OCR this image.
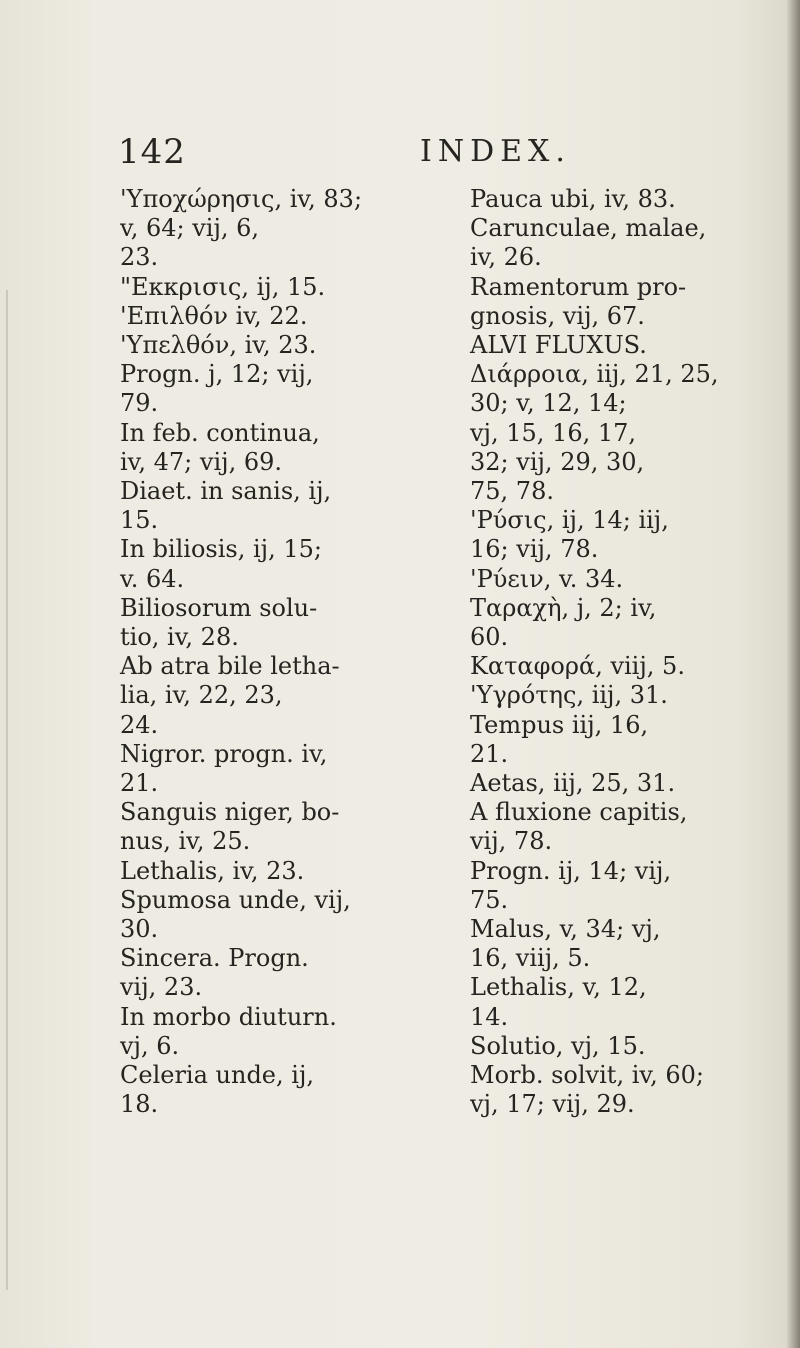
142	INDEX.
'Υποχώρησις, iv, 83;
v, 64; vij, 6,
23.
"Εκκρισις, ij, 15.
'Επιλθόν iv, 22.
'Υπελθόν, iv, 23.
Progn. j, 12; vij,
79.
In feb. continua,
iv, 47; vij, 69.
Diaet. in sanis, ij,
15.
In biliosis, ij, 15;
v. 64.
Biliosorum solu-
tio, iv, 28.
Ab atra bile letha-
lia, iv, 22, 23,
24.
Nigror. progn. iv,
21.
Sanguis niger, bo-
nus, iv, 25.
Lethalis, iv, 23.
Spumosa unde, vij,
30.
Sincera. Progn.
vij, 23.
In morbo diuturn.
vj, 6.
Celeria unde, ij,
18.
Pauca ubi, iv, 83.
Carunculae, malae,
iv, 26.
Ramentorum pro-
gnosis, vij, 67.
ALVI FLUXUS.
Διάρροια, iij, 21, 25,
30; v, 12, 14;
vj, 15, 16, 17,
32; vij, 29, 30,
75, 78.
'Ρύσις, ij, 14; iij,
16; vij, 78.
'Ρύειν, v. 34.
Ταραχὴ, j, 2; iv,
60.
Καταφορά, viij, 5.
'Υγρότης, iij, 31.
Tempus iij, 16,
21.
Aetas, iij, 25, 31.
A fluxione capitis,
vij, 78.
Progn. ij, 14; vij,
75.
Malus, v, 34; vj,
16, viij, 5.
Lethalis, v, 12,
14.
Solutio, vj, 15.
Morb. solvit, iv, 60;
vj, 17; vij, 29.
